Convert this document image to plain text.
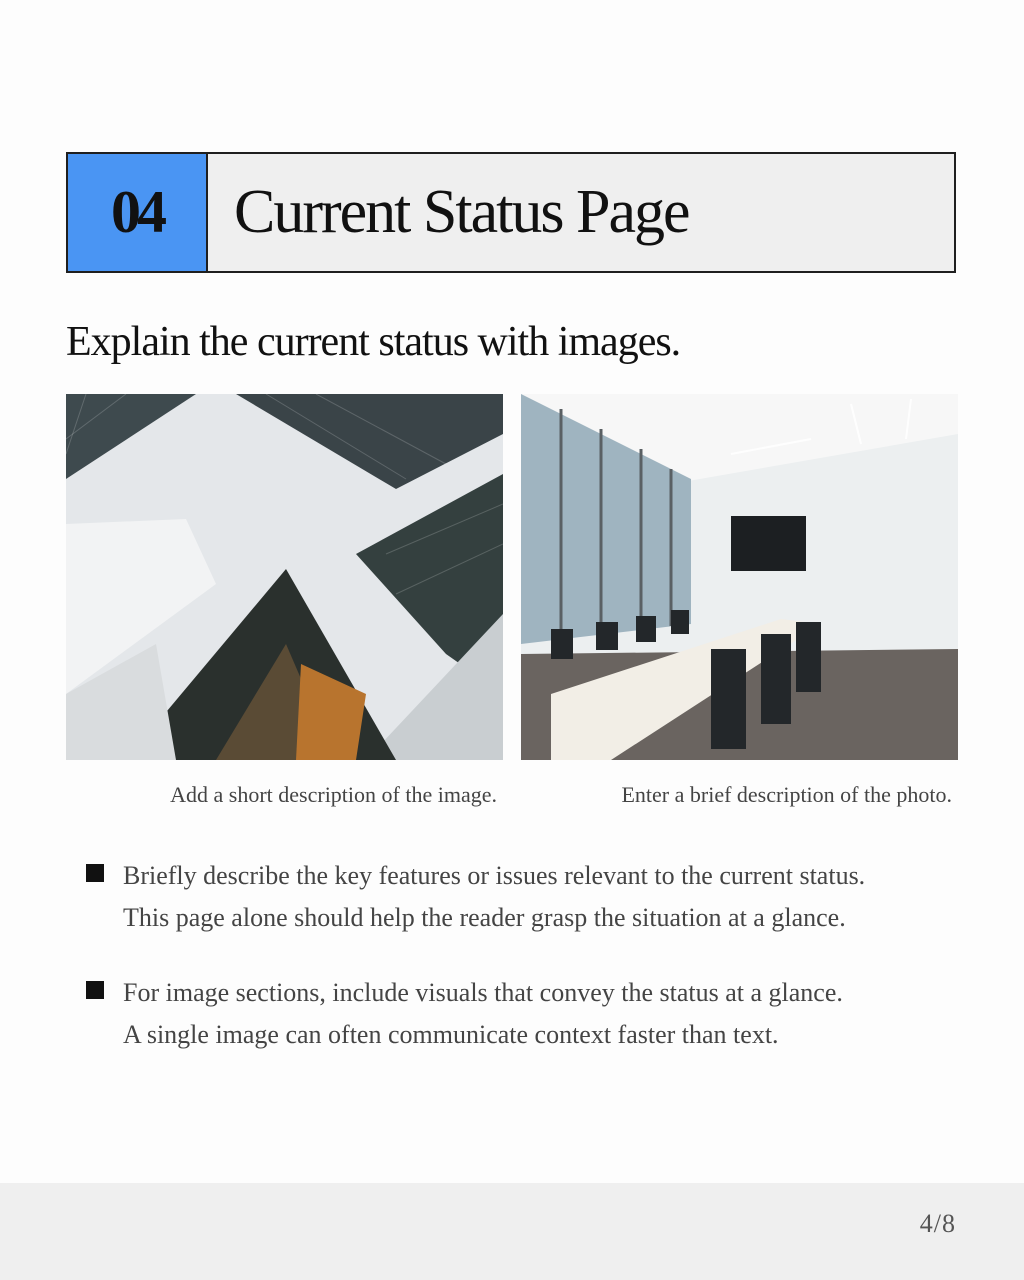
04	Current Status Page
Explain the current status with images.
Add a short description of the image.	Enter a brief description of the photo.
Briefly describe the key features or issues relevant to the current status.
This page alone should help the reader grasp the situation at a glance.
For image sections, include visuals that convey the status at a glance.
A single image can often communicate context faster than text.
4/8
